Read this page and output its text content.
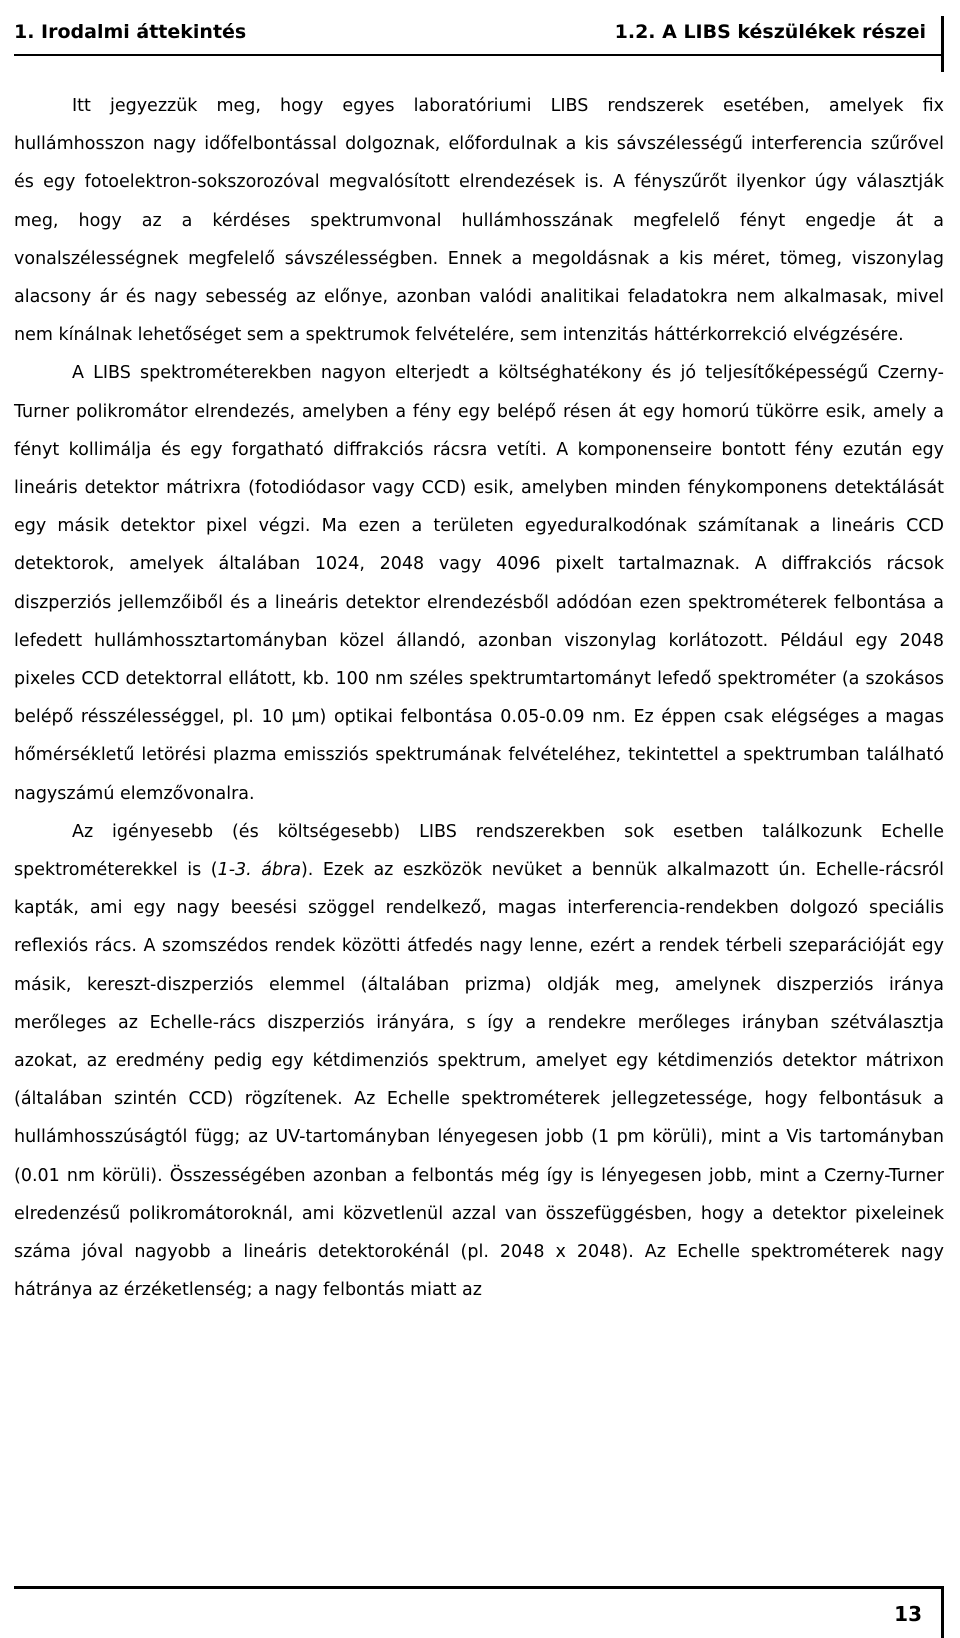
1. Irodalmi áttekintés	1.2. A LIBS készülékek részei

Itt jegyezzük meg, hogy egyes laboratóriumi LIBS rendszerek esetében, amelyek fix hullámhosszon nagy időfelbontással dolgoznak, előfordulnak a kis sávszélességű interferencia szűrővel és egy fotoelektron-sokszorozóval megvalósított elrendezések is. A fényszűrőt ilyenkor úgy választják meg, hogy az a kérdéses spektrumvonal hullámhosszának megfelelő fényt engedje át a vonalszélességnek megfelelő sávszélességben. Ennek a megoldásnak a kis méret, tömeg, viszonylag alacsony ár és nagy sebesség az előnye, azonban valódi analitikai feladatokra nem alkalmasak, mivel nem kínálnak lehetőséget sem a spektrumok felvételére, sem intenzitás háttérkorrekció elvégzésére.

A LIBS spektrométerekben nagyon elterjedt a költséghatékony és jó teljesítőképességű Czerny-Turner polikromátor elrendezés, amelyben a fény egy belépő résen át egy homorú tükörre esik, amely a fényt kollimálja és egy forgatható diffrakciós rácsra vetíti. A komponenseire bontott fény ezután egy lineáris detektor mátrixra (fotodiódasor vagy CCD) esik, amelyben minden fénykomponens detektálását egy másik detektor pixel végzi. Ma ezen a területen egyeduralkodónak számítanak a lineáris CCD detektorok, amelyek általában 1024, 2048 vagy 4096 pixelt tartalmaznak. A diffrakciós rácsok diszperziós jellemzőiből és a lineáris detektor elrendezésből adódóan ezen spektrométerek felbontása a lefedett hullámhossztartományban közel állandó, azonban viszonylag korlátozott. Például egy 2048 pixeles CCD detektorral ellátott, kb. 100 nm széles spektrumtartományt lefedő spektrométer (a szokásos belépő résszélességgel, pl. 10 µm) optikai felbontása 0.05-0.09 nm. Ez éppen csak elégséges a magas hőmérsékletű letörési plazma emissziós spektrumának felvételéhez, tekintettel a spektrumban található nagyszámú elemzővonalra.

Az igényesebb (és költségesebb) LIBS rendszerekben sok esetben találkozunk Echelle spektrométerekkel is (1-3. ábra). Ezek az eszközök nevüket a bennük alkalmazott ún. Echelle-rácsról kapták, ami egy nagy beesési szöggel rendelkező, magas interferencia-rendekben dolgozó speciális reflexiós rács. A szomszédos rendek közötti átfedés nagy lenne, ezért a rendek térbeli szeparációját egy másik, kereszt-diszperziós elemmel (általában prizma) oldják meg, amelynek diszperziós iránya merőleges az Echelle-rács diszperziós irányára, s így a rendekre merőleges irányban szétválasztja azokat, az eredmény pedig egy kétdimenziós spektrum, amelyet egy kétdimenziós detektor mátrixon (általában szintén CCD) rögzítenek. Az Echelle spektrométerek jellegzetessége, hogy felbontásuk a hullámhosszúságtól függ; az UV-tartományban lényegesen jobb (1 pm körüli), mint a Vis tartományban (0.01 nm körüli). Összességében azonban a felbontás még így is lényegesen jobb, mint a Czerny-Turner elredenzésű polikromátoroknál, ami közvetlenül azzal van összefüggésben, hogy a detektor pixeleinek száma jóval nagyobb a lineáris detektorokénál (pl. 2048 x 2048). Az Echelle spektrométerek nagy hátránya az érzéketlenség; a nagy felbontás miatt az

13
